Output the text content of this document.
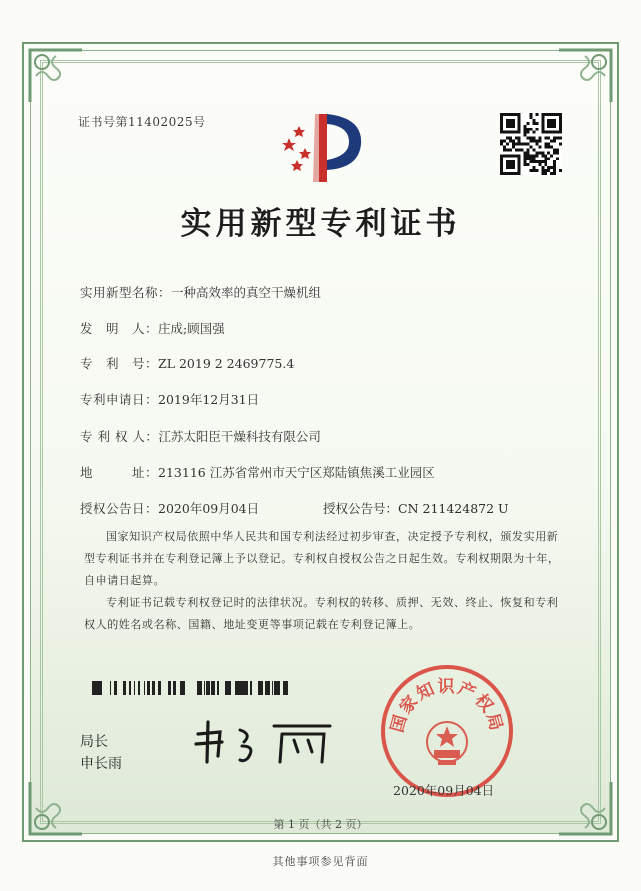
证书号第11402025号
实用新型专利证书
实用新型名称：一种高效率的真空干燥机组
发　明　人：庄成;顾国强
专　利　号：ZL 2019 2 2469775.4
专利申请日：2019年12月31日
专 利 权 人：江苏太阳臣干燥科技有限公司
地　　　址：213116 江苏省常州市天宁区郑陆镇焦溪工业园区
授权公告日：2020年09月04日	授权公告号：CN 211424872 U
国家知识产权局依照中华人民共和国专利法经过初步审查，决定授予专利权，颁发实用新型专利证书并在专利登记簿上予以登记。专利权自授权公告之日起生效。专利权期限为十年，自申请日起算。
专利证书记载专利权登记时的法律状况。专利权的转移、质押、无效、终止、恢复和专利权人的姓名或名称、国籍、地址变更等事项记载在专利登记簿上。
局长
申长雨
国家知识产权局
2020年09月04日
第 1 页（共 2 页）
其他事项参见背面
